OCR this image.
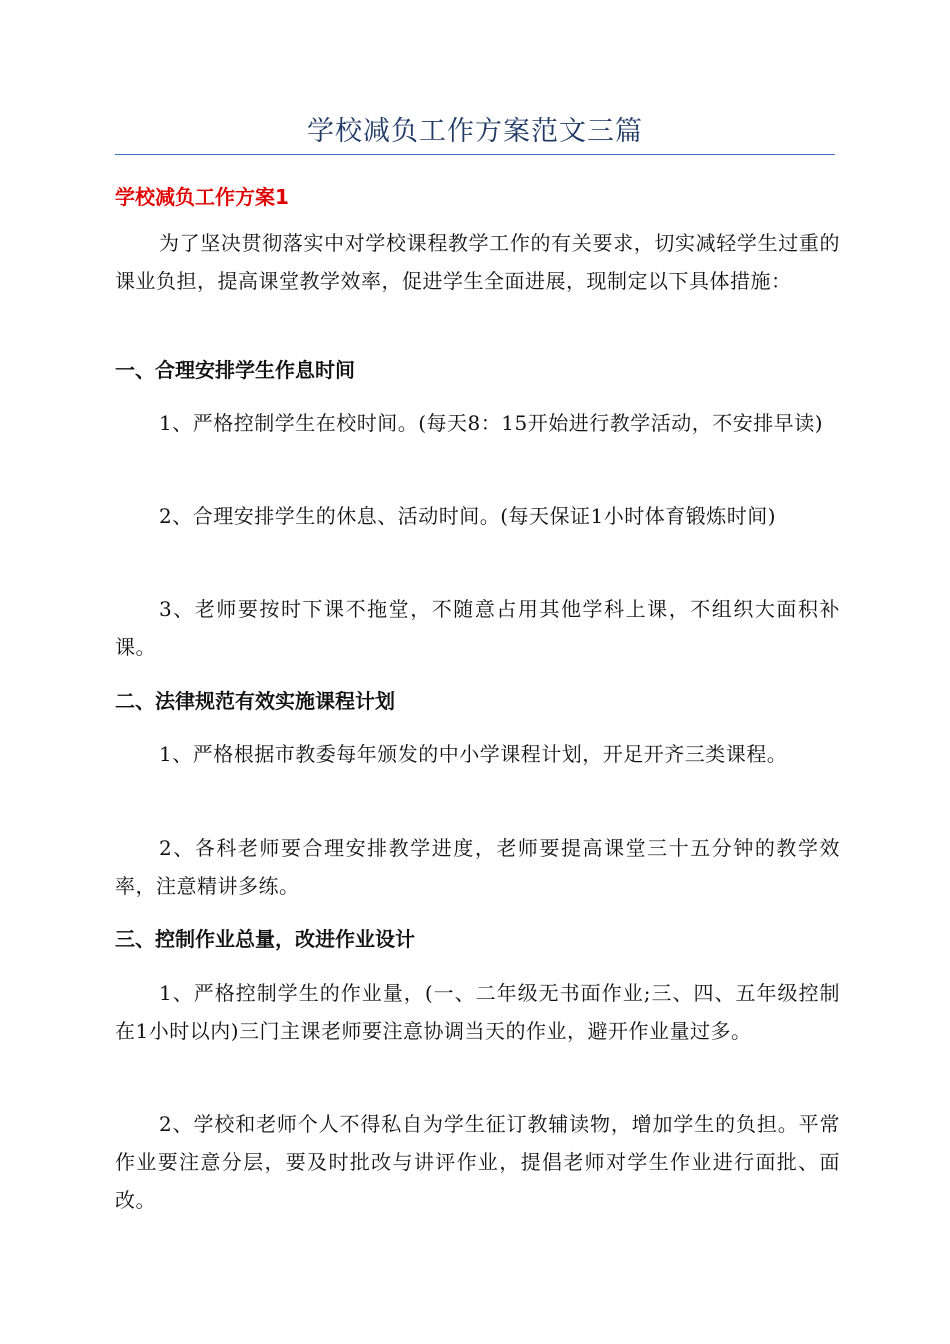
学校减负工作方案范文三篇
学校减负工作方案1
为了坚决贯彻落实中对学校课程教学工作的有关要求，切实减轻学生过重的课业负担，提高课堂教学效率，促进学生全面进展，现制定以下具体措施：
一、合理安排学生作息时间
1、严格控制学生在校时间。(每天8：15开始进行教学活动，不安排早读)
2、合理安排学生的休息、活动时间。(每天保证1小时体育锻炼时间)
3、老师要按时下课不拖堂，不随意占用其他学科上课，不组织大面积补课。
二、法律规范有效实施课程计划
1、严格根据市教委每年颁发的中小学课程计划，开足开齐三类课程。
2、各科老师要合理安排教学进度，老师要提高课堂三十五分钟的教学效率，注意精讲多练。
三、控制作业总量，改进作业设计
1、严格控制学生的作业量，(一、二年级无书面作业;三、四、五年级控制在1小时以内)三门主课老师要注意协调当天的作业，避开作业量过多。
2、学校和老师个人不得私自为学生征订教辅读物，增加学生的负担。平常作业要注意分层，要及时批改与讲评作业，提倡老师对学生作业进行面批、面改。
